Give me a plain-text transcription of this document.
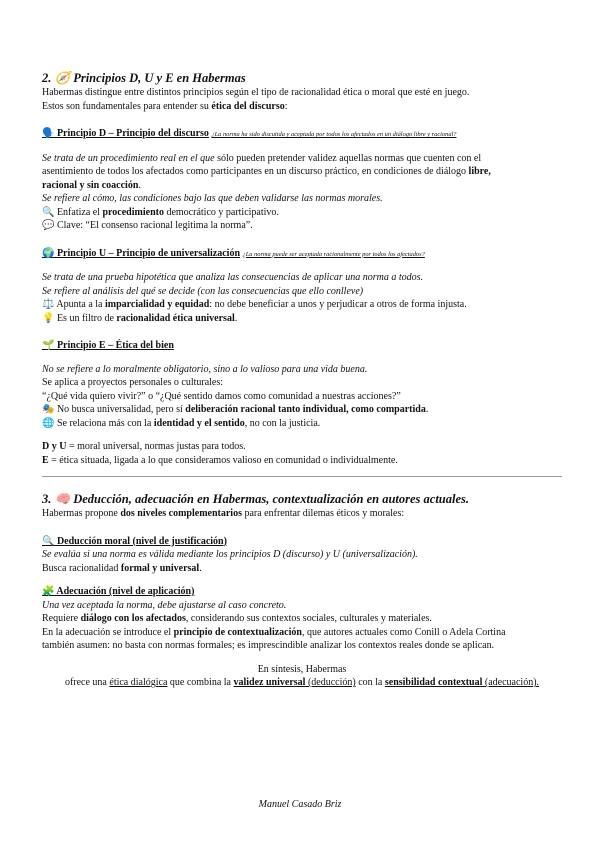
2. 🧭 Principios D, U y E en Habermas

Habermas distingue entre distintos principios según el tipo de racionalidad ética o moral que esté en juego.

Estos son fundamentales para entender su ética del discurso:

🗣️ Principio D – Principio del discurso ¿La norma ha sido discutida y aceptada por todos los afectados en un diálogo libre y racional?

Se trata de un procedimiento real en el que sólo pueden pretender validez aquellas normas que cuenten con el

asentimiento de todos los afectados como participantes en un discurso práctico, en condiciones de diálogo libre,

racional y sin coacción.

Se refiere al cómo, las condiciones bajo las que deben validarse las normas morales.

🔍 Enfatiza el procedimiento democrático y participativo.

💬 Clave: “El consenso racional legitima la norma”.

🌍 Principio U – Principio de universalización ¿La norma puede ser aceptada racionalmente por todos los afectados?

Se trata de una prueba hipotética que analiza las consecuencias de aplicar una norma a todos.

Se refiere al análisis del qué se decide (con las consecuencias que ello conlleve)

⚖️ Apunta a la imparcialidad y equidad: no debe beneficiar a unos y perjudicar a otros de forma injusta.

💡 Es un filtro de racionalidad ética universal.

🌱 Principio E – Ética del bien

No se refiere a lo moralmente obligatorio, sino a lo valioso para una vida buena.

Se aplica a proyectos personales o culturales:

“¿Qué vida quiero vivir?” o “¿Qué sentido damos como comunidad a nuestras acciones?”

🎭 No busca universalidad, pero sí deliberación racional tanto individual, como compartida.

🌐 Se relaciona más con la identidad y el sentido, no con la justicia.

D y U = moral universal, normas justas para todos.

E = ética situada, ligada a lo que consideramos valioso en comunidad o individualmente.

3. 🧠 Deducción, adecuación en Habermas, contextualización en autores actuales.

Habermas propone dos niveles complementarios para enfrentar dilemas éticos y morales:

🔍 Deducción moral (nivel de justificación)

Se evalúa si una norma es válida mediante los principios D (discurso) y U (universalización).

Busca racionalidad formal y universal.

🧩 Adecuación (nivel de aplicación)

Una vez aceptada la norma, debe ajustarse al caso concreto.

Requiere diálogo con los afectados, considerando sus contextos sociales, culturales y materiales.

En la adecuación se introduce el principio de contextualización, que autores actuales como Conill o Adela Cortina

también asumen: no basta con normas formales; es imprescindible analizar los contextos reales donde se aplican.

En síntesis, Habermas

ofrece una ética dialógica que combina la validez universal (deducción) con la sensibilidad contextual (adecuación).

Manuel Casado Briz
